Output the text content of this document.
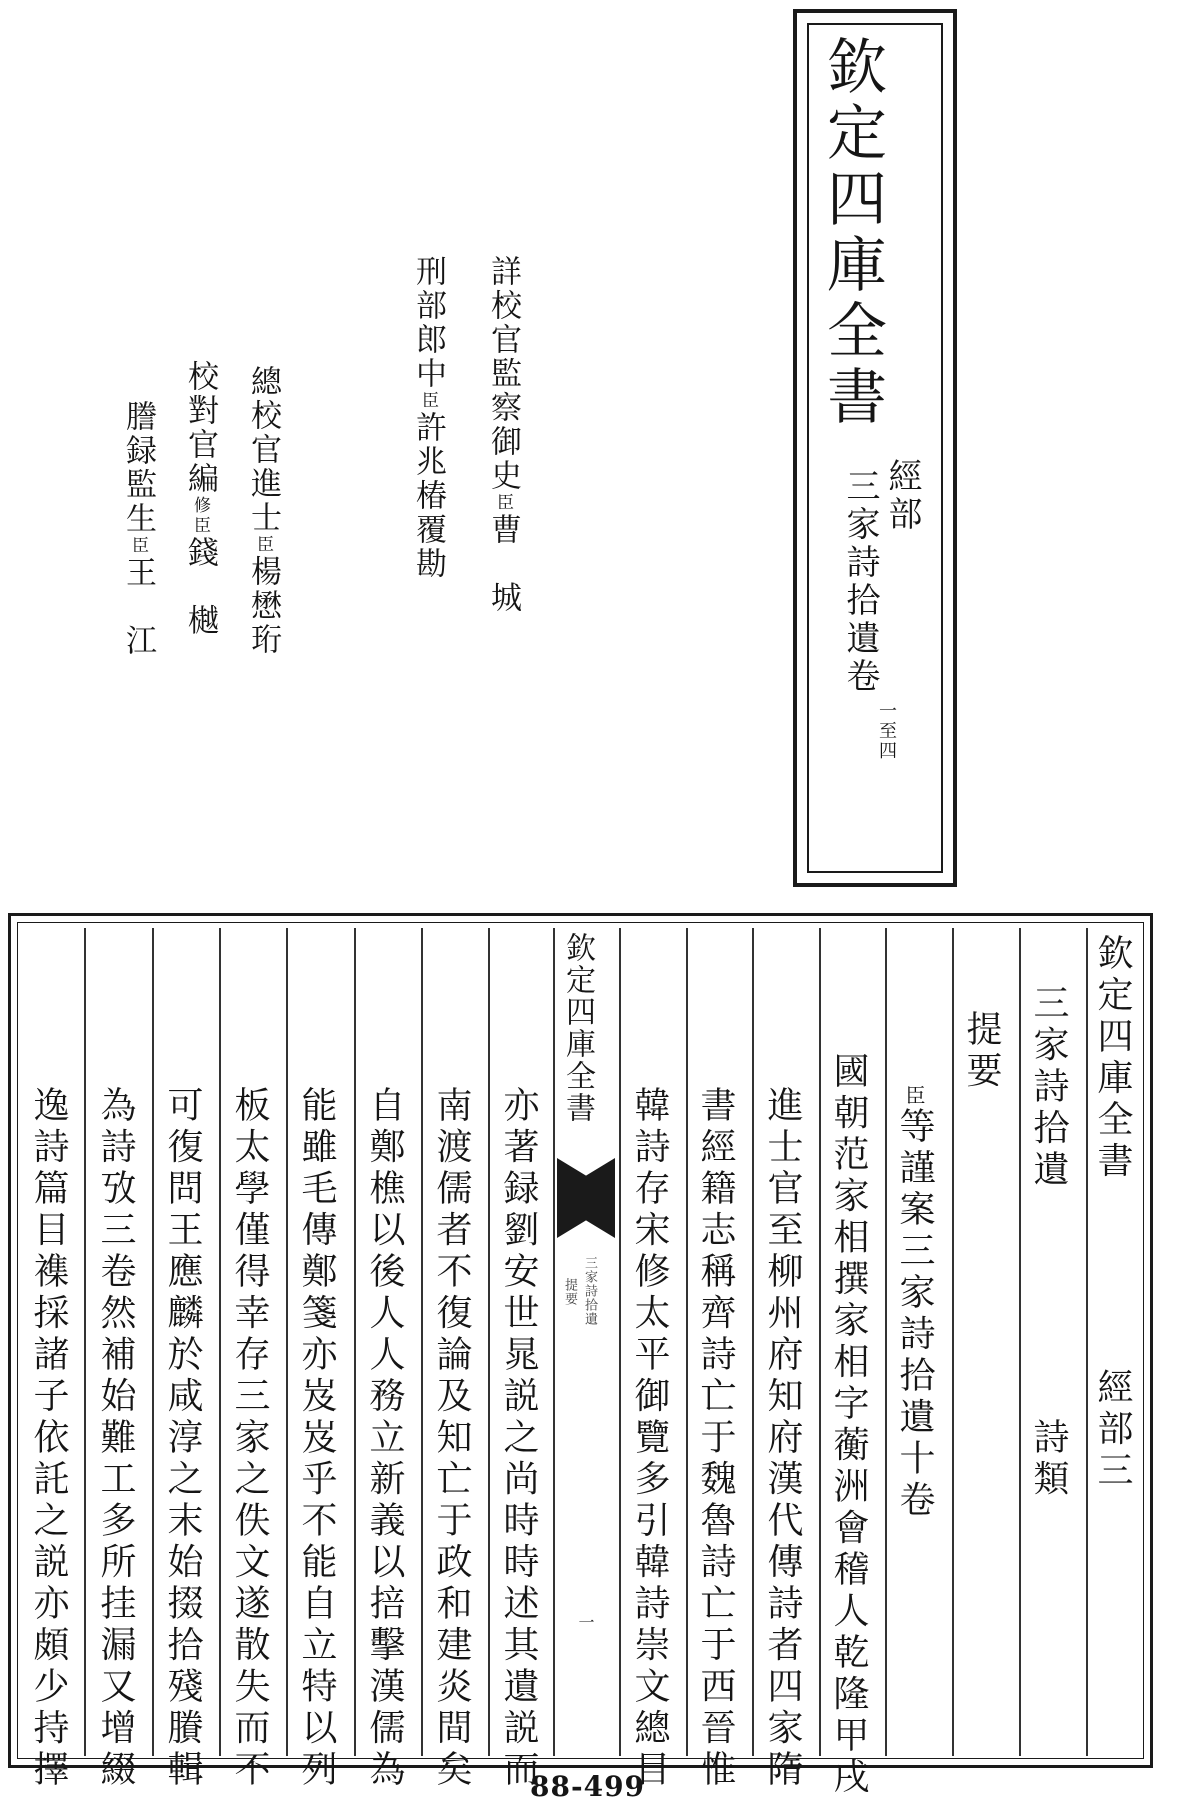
欽定四庫全書
經部
三家詩拾遺卷
一至四
詳校官監察御史臣曹　城
刑部郎中臣許兆椿覆勘
總校官進士臣楊懋珩
校對官編修臣錢　樾
謄録監生臣王　江
欽定四庫全書
經部三
三家詩拾遺
詩類
提要
臣等謹案三家詩拾遺十卷
國朝范家相撰家相字蘅洲會稽人乾隆甲戌
進士官至柳州府知府漢代傳詩者四家隋
書經籍志稱齊詩亡于魏魯詩亡于西晉惟
韓詩存宋修太平御覽多引韓詩崇文總目
亦著録劉安世晁説之尚時時述其遺説而
南渡儒者不復論及知亡于政和建炎間矣
自鄭樵以後人人務立新義以掊擊漢儒為
能雖毛傳鄭箋亦岌岌乎不能自立特以列
板太學僅得幸存三家之佚文遂散失而不
可復問王應麟於咸淳之末始掇拾殘賸輯
為詩攷三卷然補始難工多所挂漏又增綴
逸詩篇目襍採諸子依託之説亦頗少持擇
欽定四庫全書
三家詩拾遺
提要
一
88-499
